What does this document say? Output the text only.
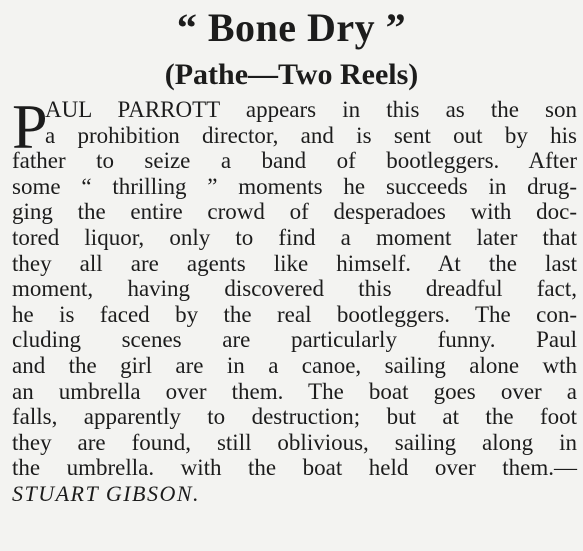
“ Bone Dry ”
(Pathe—Two Reels)
P
AUL PARROTT appears in this as the son
a prohibition director, and is sent out by his
father to seize a band of bootleggers. After
some “ thrilling ” moments he succeeds in drug-
ging the entire crowd of desperadoes with doc-
tored liquor, only to find a moment later that
they all are agents like himself. At the last
moment, having discovered this dreadful fact,
he is faced by the real bootleggers. The con-
cluding scenes are particularly funny. Paul
and the girl are in a canoe, sailing alone wth
an umbrella over them. The boat goes over a
falls, apparently to destruction; but at the foot
they are found, still oblivious, sailing along in
the umbrella. with the boat held over them.—
STUART GIBSON.
